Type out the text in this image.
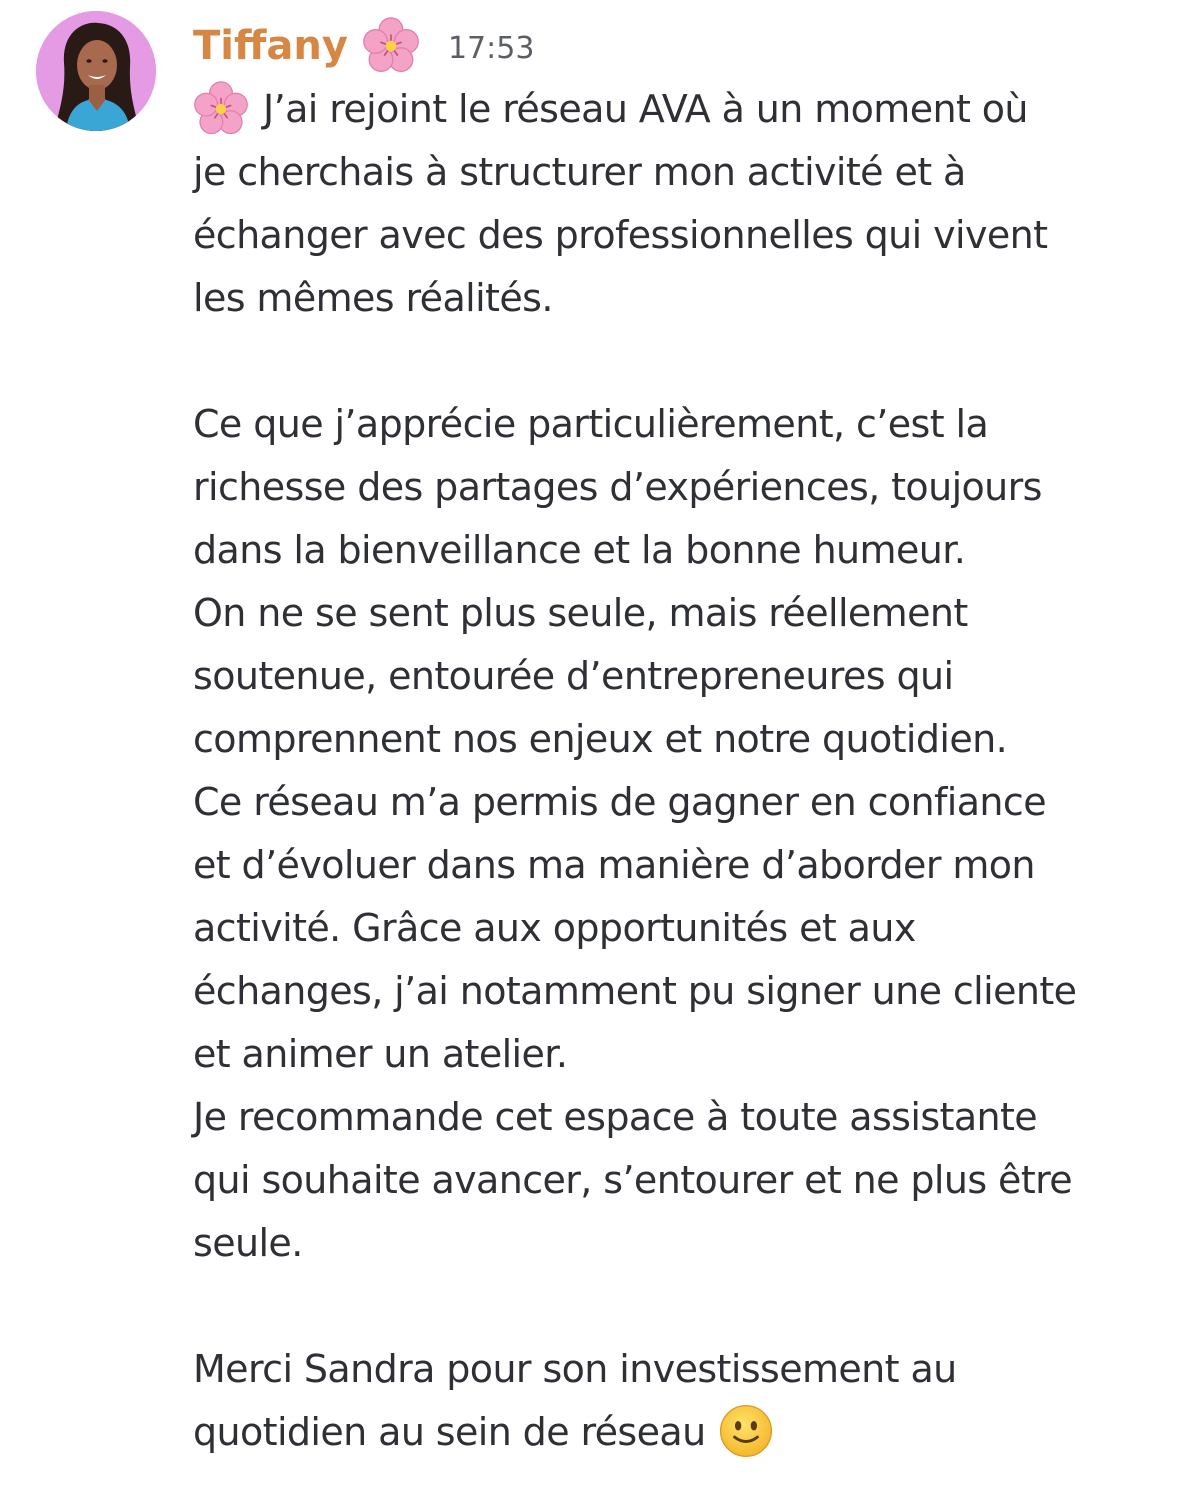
Tiffany	17:53

J’ai rejoint le réseau AVA à un moment où
je cherchais à structurer mon activité et à
échanger avec des professionnelles qui vivent
les mêmes réalités.

Ce que j’apprécie particulièrement, c’est la
richesse des partages d’expériences, toujours
dans la bienveillance et la bonne humeur.
On ne se sent plus seule, mais réellement
soutenue, entourée d’entrepreneures qui
comprennent nos enjeux et notre quotidien.
Ce réseau m’a permis de gagner en confiance
et d’évoluer dans ma manière d’aborder mon
activité. Grâce aux opportunités et aux
échanges, j’ai notamment pu signer une cliente
et animer un atelier.
Je recommande cet espace à toute assistante
qui souhaite avancer, s’entourer et ne plus être
seule.

Merci Sandra pour son investissement au
quotidien au sein de réseau
